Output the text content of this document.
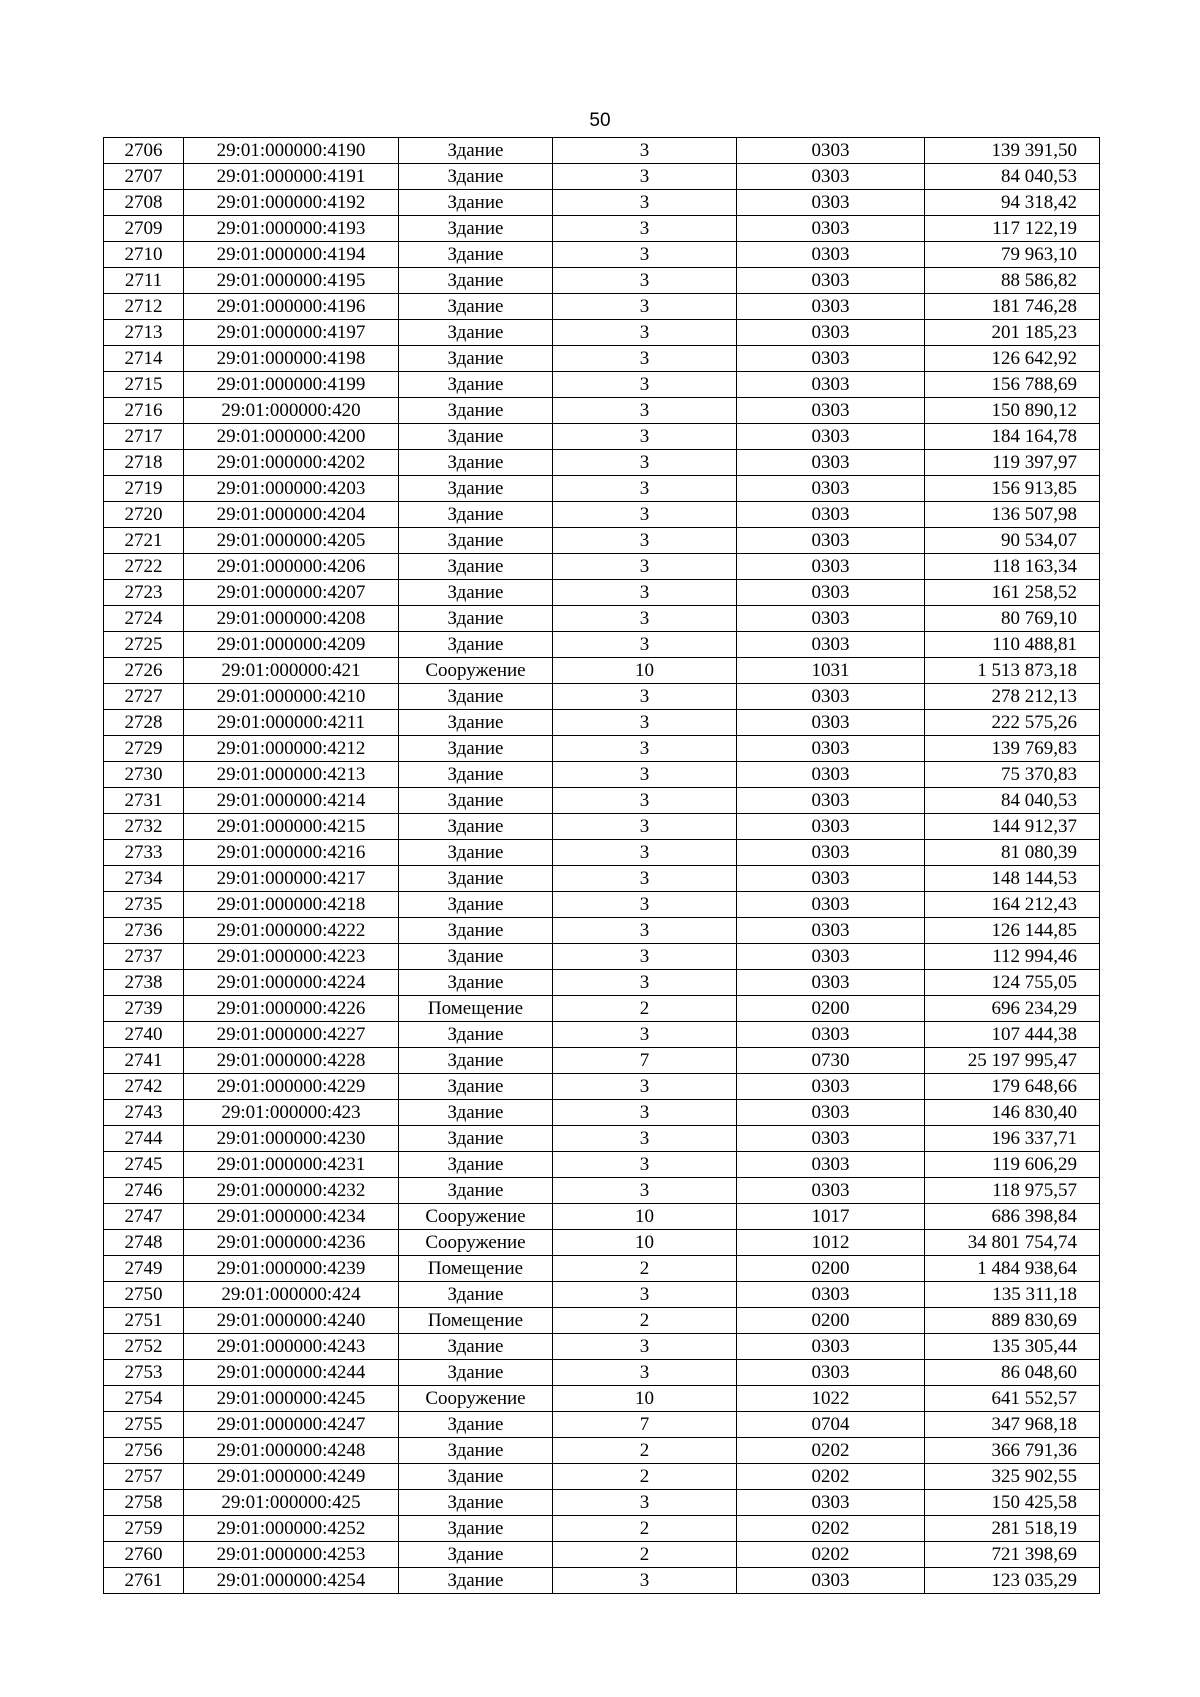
50
2706	29:01:000000:4190	Здание	3	0303	139 391,50
2707	29:01:000000:4191	Здание	3	0303	84 040,53
2708	29:01:000000:4192	Здание	3	0303	94 318,42
2709	29:01:000000:4193	Здание	3	0303	117 122,19
2710	29:01:000000:4194	Здание	3	0303	79 963,10
2711	29:01:000000:4195	Здание	3	0303	88 586,82
2712	29:01:000000:4196	Здание	3	0303	181 746,28
2713	29:01:000000:4197	Здание	3	0303	201 185,23
2714	29:01:000000:4198	Здание	3	0303	126 642,92
2715	29:01:000000:4199	Здание	3	0303	156 788,69
2716	29:01:000000:420	Здание	3	0303	150 890,12
2717	29:01:000000:4200	Здание	3	0303	184 164,78
2718	29:01:000000:4202	Здание	3	0303	119 397,97
2719	29:01:000000:4203	Здание	3	0303	156 913,85
2720	29:01:000000:4204	Здание	3	0303	136 507,98
2721	29:01:000000:4205	Здание	3	0303	90 534,07
2722	29:01:000000:4206	Здание	3	0303	118 163,34
2723	29:01:000000:4207	Здание	3	0303	161 258,52
2724	29:01:000000:4208	Здание	3	0303	80 769,10
2725	29:01:000000:4209	Здание	3	0303	110 488,81
2726	29:01:000000:421	Сооружение	10	1031	1 513 873,18
2727	29:01:000000:4210	Здание	3	0303	278 212,13
2728	29:01:000000:4211	Здание	3	0303	222 575,26
2729	29:01:000000:4212	Здание	3	0303	139 769,83
2730	29:01:000000:4213	Здание	3	0303	75 370,83
2731	29:01:000000:4214	Здание	3	0303	84 040,53
2732	29:01:000000:4215	Здание	3	0303	144 912,37
2733	29:01:000000:4216	Здание	3	0303	81 080,39
2734	29:01:000000:4217	Здание	3	0303	148 144,53
2735	29:01:000000:4218	Здание	3	0303	164 212,43
2736	29:01:000000:4222	Здание	3	0303	126 144,85
2737	29:01:000000:4223	Здание	3	0303	112 994,46
2738	29:01:000000:4224	Здание	3	0303	124 755,05
2739	29:01:000000:4226	Помещение	2	0200	696 234,29
2740	29:01:000000:4227	Здание	3	0303	107 444,38
2741	29:01:000000:4228	Здание	7	0730	25 197 995,47
2742	29:01:000000:4229	Здание	3	0303	179 648,66
2743	29:01:000000:423	Здание	3	0303	146 830,40
2744	29:01:000000:4230	Здание	3	0303	196 337,71
2745	29:01:000000:4231	Здание	3	0303	119 606,29
2746	29:01:000000:4232	Здание	3	0303	118 975,57
2747	29:01:000000:4234	Сооружение	10	1017	686 398,84
2748	29:01:000000:4236	Сооружение	10	1012	34 801 754,74
2749	29:01:000000:4239	Помещение	2	0200	1 484 938,64
2750	29:01:000000:424	Здание	3	0303	135 311,18
2751	29:01:000000:4240	Помещение	2	0200	889 830,69
2752	29:01:000000:4243	Здание	3	0303	135 305,44
2753	29:01:000000:4244	Здание	3	0303	86 048,60
2754	29:01:000000:4245	Сооружение	10	1022	641 552,57
2755	29:01:000000:4247	Здание	7	0704	347 968,18
2756	29:01:000000:4248	Здание	2	0202	366 791,36
2757	29:01:000000:4249	Здание	2	0202	325 902,55
2758	29:01:000000:425	Здание	3	0303	150 425,58
2759	29:01:000000:4252	Здание	2	0202	281 518,19
2760	29:01:000000:4253	Здание	2	0202	721 398,69
2761	29:01:000000:4254	Здание	3	0303	123 035,29
